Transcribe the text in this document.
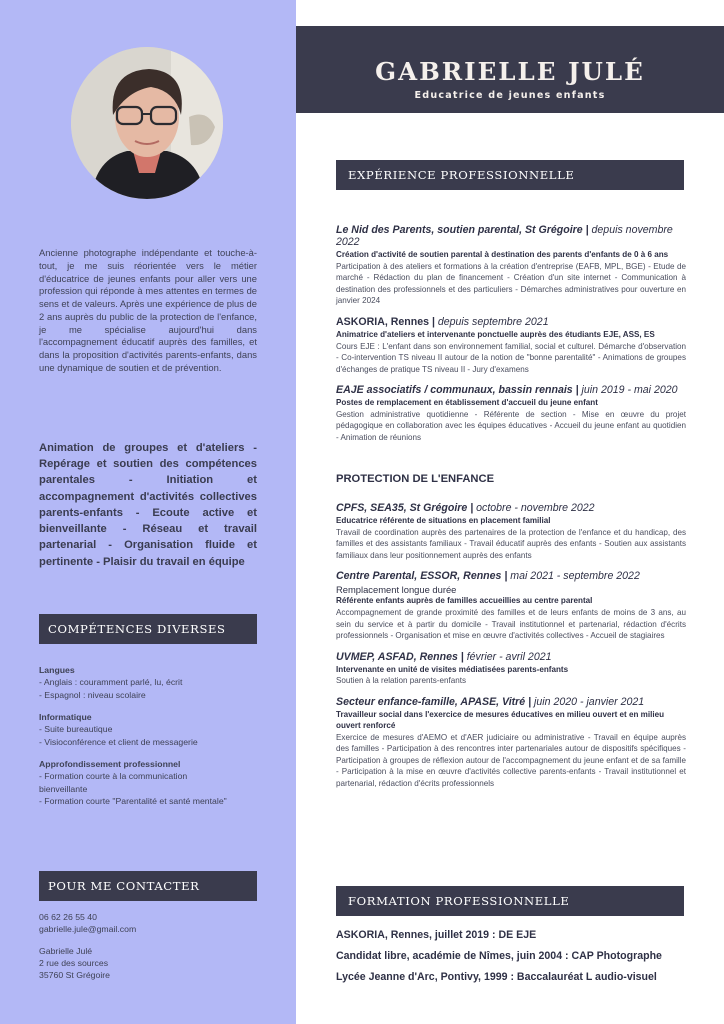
Ancienne photographe indépendante et touche-à-tout, je me suis réorientée vers le métier d'éducatrice de jeunes enfants pour aller vers une profession qui réponde à mes attentes en termes de sens et de valeurs. Après une expérience de plus de 2 ans auprès du public de la protection de l'enfance, je me spécialise aujourd'hui dans l'accompagnement éducatif auprès des familles, et dans la proposition d'activités parents-enfants, dans une dynamique de soutien et de prévention.

Animation de groupes et d'ateliers - Repérage et soutien des compétences parentales - Initiation et accompagnement d'activités collectives parents-enfants - Ecoute active et bienveillante - Réseau et travail partenarial - Organisation fluide et pertinente - Plaisir du travail en équipe

COMPÉTENCES DIVERSES

Langues

- Anglais : couramment parlé, lu, écrit

- Espagnol : niveau scolaire

Informatique

- Suite bureautique

- Visioconférence et client de messagerie

Approfondissement professionnel

- Formation courte à la communication bienveillante

- Formation courte "Parentalité et santé mentale"

POUR ME CONTACTER

06 62 26 55 40

gabrielle.jule@gmail.com

Gabrielle Julé

2 rue des sources

35760 St Grégoire

GABRIELLE JULÉ
Educatrice de jeunes enfants
EXPÉRIENCE PROFESSIONNELLE

Le Nid des Parents, soutien parental, St Grégoire | depuis novembre 2022

Création d'activité de soutien parental à destination des parents d'enfants de 0 à 6 ans

Participation à des ateliers et formations à la création d'entreprise (EAFB, MPL, BGE) - Etude de marché - Rédaction du plan de financement - Création d'un site internet - Communication à destination des professionnels et des particuliers - Démarches administratives pour ouverture en janvier 2024

ASKORIA, Rennes | depuis septembre 2021

Animatrice d'ateliers et intervenante ponctuelle auprès des étudiants EJE, ASS, ES

Cours EJE : L'enfant dans son environnement familial, social et culturel. Démarche d'observation - Co-intervention TS niveau II autour de la notion de "bonne parentalité" - Animations de groupes d'échanges de pratique TS niveau II - Jury d'examens

EAJE associatifs / communaux, bassin rennais | juin 2019 - mai 2020

Postes de remplacement en établissement d'accueil du jeune enfant

Gestion administrative quotidienne - Référente de section - Mise en œuvre du projet pédagogique en collaboration avec les équipes éducatives - Accueil du jeune enfant au quotidien - Animation de réunions

PROTECTION DE L'ENFANCE

CPFS, SEA35, St Grégoire | octobre - novembre 2022

Educatrice référente de situations en placement familial

Travail de coordination auprès des partenaires de la protection de l'enfance et du handicap, des familles et des assistants familiaux - Travail éducatif auprès des enfants - Soutien aux assistants familiaux dans leur positionnement auprès des enfants

Centre Parental, ESSOR, Rennes | mai 2021 - septembre 2022

Remplacement longue durée

Référente enfants auprès de familles accueillies au centre parental

Accompagnement de grande proximité des familles et de leurs enfants de moins de 3 ans, au sein du service et à partir du domicile - Travail institutionnel et partenarial, rédaction d'écrits professionnels - Organisation et mise en œuvre d'activités collectives - Accueil de stagiaires

UVMEP, ASFAD, Rennes | février - avril 2021

Intervenante en unité de visites médiatisées parents-enfants

Soutien à la relation parents-enfants

Secteur enfance-famille, APASE, Vitré | juin 2020 - janvier 2021

Travailleur social dans l'exercice de mesures éducatives en milieu ouvert et en milieu ouvert renforcé

Exercice de mesures d'AEMO et d'AER judiciaire ou administrative - Travail en équipe auprès des familles - Participation à des rencontres inter partenariales autour de dispositifs spécifiques - Participation à groupes de réflexion autour de l'accompagnement du jeune enfant et de sa famille - Participation à la mise en œuvre d'activités collective parents-enfants - Travail institutionnel et partenarial, rédaction d'écrits professionnels

FORMATION PROFESSIONNELLE

ASKORIA, Rennes, juillet 2019 : DE EJE

Candidat libre, académie de Nîmes, juin 2004 : CAP Photographe

Lycée Jeanne d'Arc, Pontivy, 1999 : Baccalauréat L audio-visuel
